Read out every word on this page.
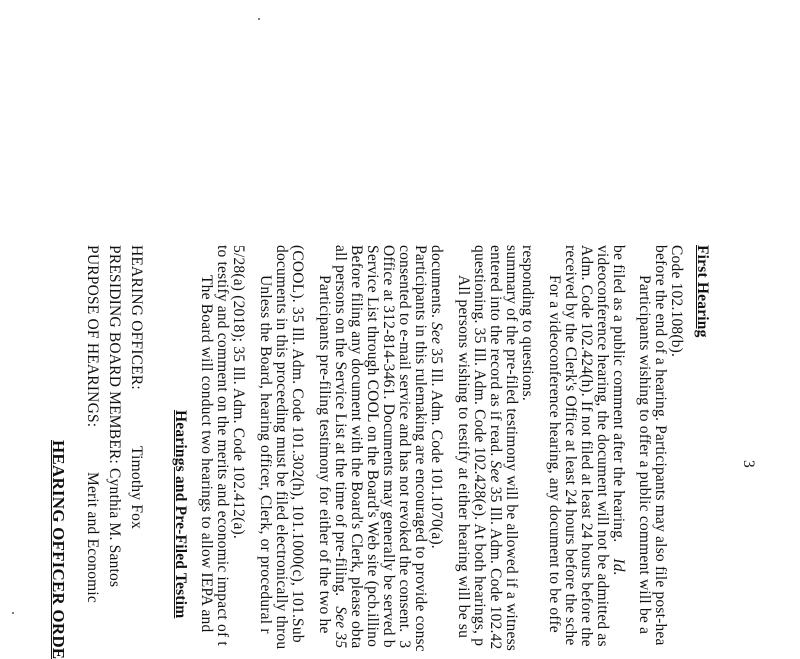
PURPOSE OF HEARINGS: PRESIDING BOARD MEMBER: HEARING OFFICER:
Merit and Economic Cynthia M. Santos Timothy Fox
HEARING OFFICER ORDE	Hearings and Pre-Filed Testim The Board will conduct two hearings to allow IEPA and to testify and comment on the merits and economic impact of t 5/28(a) (2018); 35 Ill. Adm. Code 102.412(a). Unless the Board, hearing officer, Clerk, or procedural r documents in this proceeding must be filed electronically throu (COOL). 35 Ill. Adm. Code 101.302(h), 101.1000(c), 101.Sub Participants pre-filing testimony for either of the two he all persons on the Service List at the time of pre-filing.See 35 Before filing any document with the Board's Clerk, please obta Service List through COOL on the Board's Web site (pcb.illino Office at 312-814-3461. Documents may generally be served b consented to e-mail service and has not revoked the consent.3 Participants in this rulemaking are encouraged to provide consc documents. See 35 Ill. Adm. Code 101.1070(a). All persons wishing to testify at either hearing will be su questioning. 35 Ill. Adm. Code 102.428(e). At both hearings, p entered into the record as if read. See 35 Ill. Adm. Code 102.42 summary of the pre-filed testimony will be allowed if a witness responding to questions. For a videoconference hearing, any document to be offe received by the Clerk's Office at least 24 hours before the sche Adm. Code 102.424(h). If not filed at least 24 hours before the videoconference hearing, the document will not be admitted as be filed as a public comment after the hearing.Id. Participants wishing to offer a public comment will be a before the end of a hearing. Participants may also file post-hea Code 102.108(b). First Hearing
3
